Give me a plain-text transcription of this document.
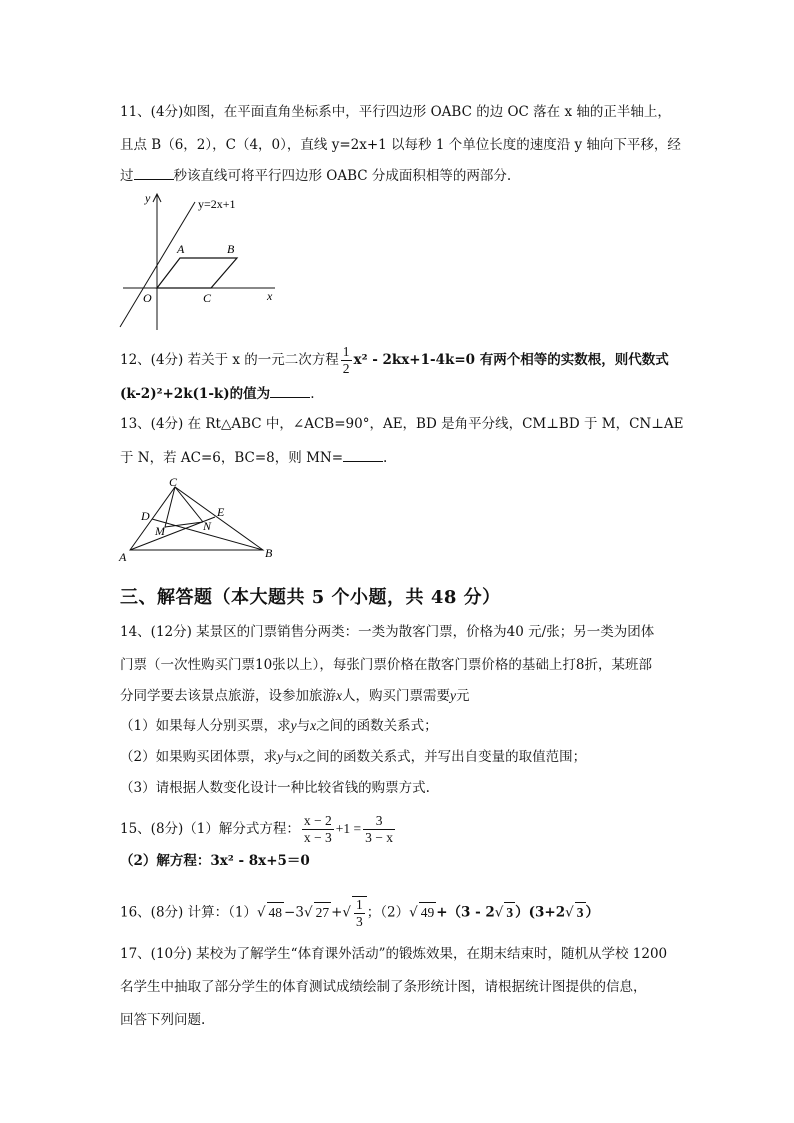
11、(4分)如图，在平面直角坐标系中，平行四边形 OABC 的边 OC 落在 x 轴的正半轴上，
且点 B（6，2），C（4，0），直线 y=2x+1 以每秒 1 个单位长度的速度沿 y 轴向下平移，经
过	秒该直线可将平行四边形 OABC 分成面积相等的两部分.
y
x
y=2x+1
A	B
O	C
12、(4分) 若关于 x 的一元二次方程 $\frac{1}{2} x^2 - 2kx+1-4k=0$ 有两个相等的实数根，则代数式
(k-2)²+2k(1-k)的值为	.
13、(4分) 在 Rt△ABC 中，∠ACB=90°，AE，BD 是角平分线，CM⊥BD 于 M，CN⊥AE
于 N，若 AC=6，BC=8，则 MN=	.
C
D	E
M	N
A	B
三、解答题（本大题共 5 个小题，共 48 分）
14、(12分) 某景区的门票销售分两类：一类为散客门票，价格为40 元/张；另一类为团体
门票（一次性购买门票10张以上），每张门票价格在散客门票价格的基础上打8折，某班部
分同学要去该景点旅游，设参加旅游x人，购买门票需要y元
（1）如果每人分别买票，求y与x之间的函数关系式；
（2）如果购买团体票，求y与x之间的函数关系式，并写出自变量的取值范围；
（3）请根据人数变化设计一种比较省钱的购票方式.
15、(8分)（1）解分式方程： $\frac{x - 2}{x - 3} +1 = \frac{3}{3 - x}$
（2）解方程：3x² - 8x+5＝0
16、(8分) 计算：（1）√ 48 −3√ 27 +√ $\frac{1}{3}$ ；（2）√ 49 +（3 - 2√ 3 ）(3+2√ 3 ）
17、(10分) 某校为了解学生“体育课外活动”的锻炼效果，在期末结束时，随机从学校 1200
名学生中抽取了部分学生的体育测试成绩绘制了条形统计图，请根据统计图提供的信息，
回答下列问题.
